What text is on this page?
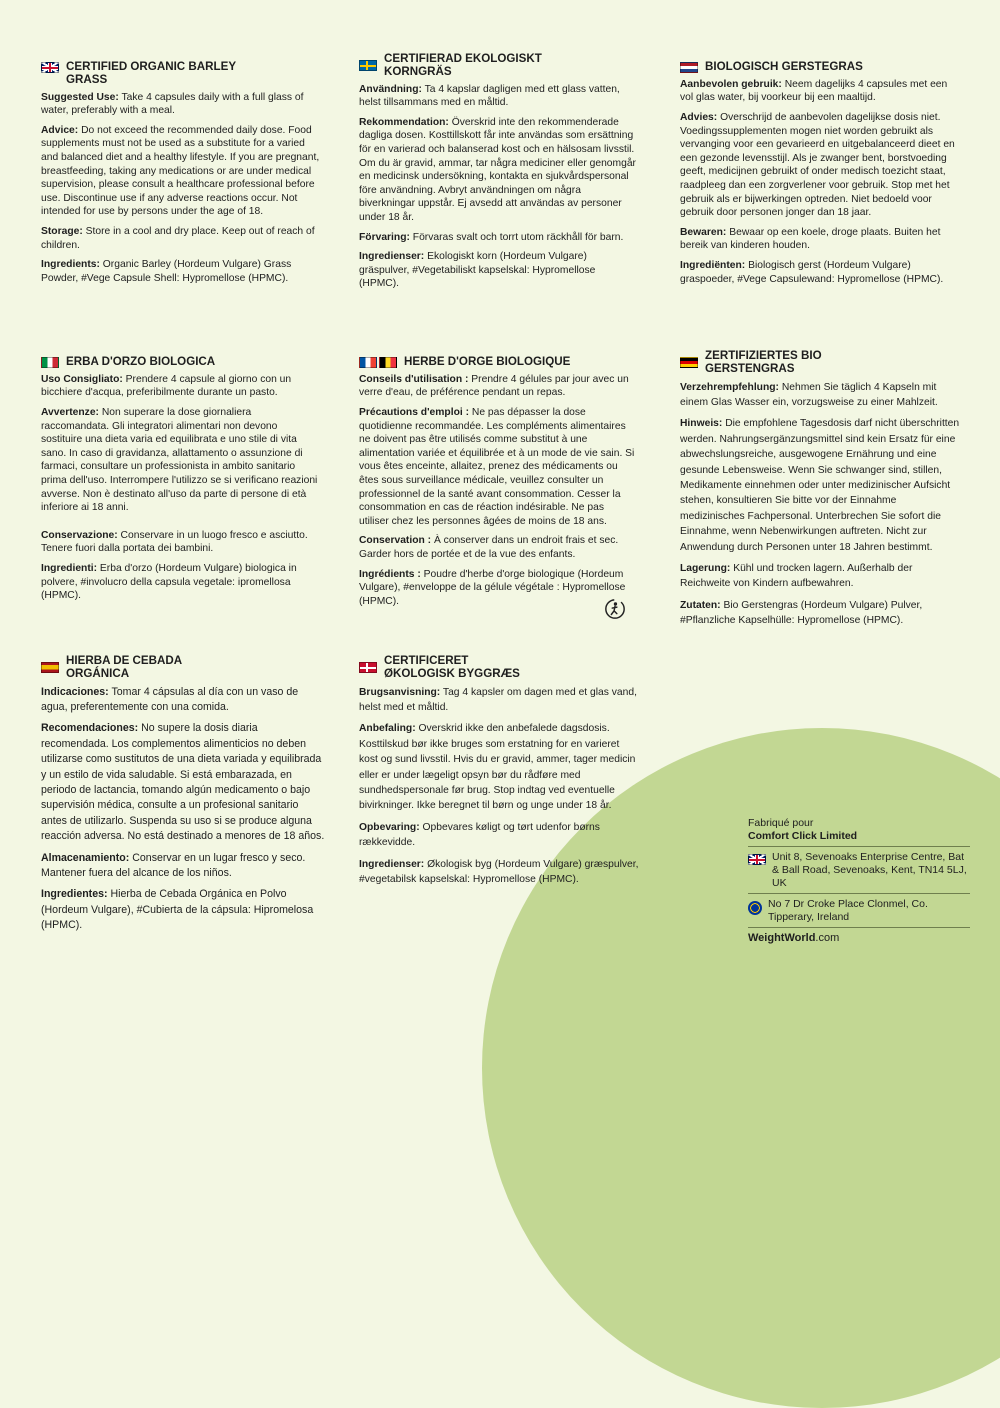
CERTIFIED ORGANIC BARLEY GRASS

Suggested Use: Take 4 capsules daily with a full glass of water, preferably with a meal.

Advice: Do not exceed the recommended daily dose. Food supplements must not be used as a substitute for a varied and balanced diet and a healthy lifestyle. If you are pregnant, breastfeeding, taking any medications or are under medical supervision, please consult a healthcare professional before use. Discontinue use if any adverse reactions occur. Not intended for use by persons under the age of 18.

Storage: Store in a cool and dry place. Keep out of reach of children.

Ingredients: Organic Barley (Hordeum Vulgare) Grass Powder, #Vege Capsule Shell: Hypromellose (HPMC).

CERTIFIERAD EKOLOGISKT KORNGRÄS

Användning: Ta 4 kapslar dagligen med ett glass vatten, helst tillsammans med en måltid.

Rekommendation: Överskrid inte den rekommenderade dagliga dosen. Kosttillskott får inte användas som ersättning för en varierad och balanserad kost och en hälsosam livsstil. Om du är gravid, ammar, tar några mediciner eller genomgår en medicinsk undersökning, kontakta en sjukvårdspersonal före användning. Avbryt användningen om några biverkningar uppstår. Ej avsedd att användas av personer under 18 år.

Förvaring: Förvaras svalt och torrt utom räckhåll för barn.

Ingredienser: Ekologiskt korn (Hordeum Vulgare) gräspulver, #Vegetabiliskt kapselskal: Hypromellose (HPMC).

BIOLOGISCH GERSTEGRAS

Aanbevolen gebruik: Neem dagelijks 4 capsules met een vol glas water, bij voorkeur bij een maaltijd.

Advies: Overschrijd de aanbevolen dagelijkse dosis niet. Voedingssupplementen mogen niet worden gebruikt als vervanging voor een gevarieerd en uitgebalanceerd dieet en een gezonde levensstijl. Als je zwanger bent, borstvoeding geeft, medicijnen gebruikt of onder medisch toezicht staat, raadpleeg dan een zorgverlener voor gebruik. Stop met het gebruik als er bijwerkingen optreden. Niet bedoeld voor gebruik door personen jonger dan 18 jaar.

Bewaren: Bewaar op een koele, droge plaats. Buiten het bereik van kinderen houden.

Ingrediënten: Biologisch gerst (Hordeum Vulgare) graspoeder, #Vege Capsulewand: Hypromellose (HPMC).

ERBA D'ORZO BIOLOGICA

Uso Consigliato: Prendere 4 capsule al giorno con un bicchiere d'acqua, preferibilmente durante un pasto.

Avvertenze: Non superare la dose giornaliera raccomandata. Gli integratori alimentari non devono sostituire una dieta varia ed equilibrata e uno stile di vita sano. In caso di gravidanza, allattamento o assunzione di farmaci, consultare un professionista in ambito sanitario prima dell'uso. Interrompere l'utilizzo se si verificano reazioni avverse. Non è destinato all'uso da parte di persone di età inferiore ai 18 anni.

Conservazione: Conservare in un luogo fresco e asciutto. Tenere fuori dalla portata dei bambini.

Ingredienti: Erba d'orzo (Hordeum Vulgare) biologica in polvere, #involucro della capsula vegetale: ipromellosa (HPMC).

HERBE D'ORGE BIOLOGIQUE

Conseils d'utilisation : Prendre 4 gélules par jour avec un verre d'eau, de préférence pendant un repas.

Précautions d'emploi : Ne pas dépasser la dose quotidienne recommandée. Les compléments alimentaires ne doivent pas être utilisés comme substitut à une alimentation variée et équilibrée et à un mode de vie sain. Si vous êtes enceinte, allaitez, prenez des médicaments ou êtes sous surveillance médicale, veuillez consulter un professionnel de la santé avant consommation. Cesser la consommation en cas de réaction indésirable. Ne pas utiliser chez les personnes âgées de moins de 18 ans.

Conservation : À conserver dans un endroit frais et sec. Garder hors de portée et de la vue des enfants.

Ingrédients : Poudre d'herbe d'orge biologique (Hordeum Vulgare), #enveloppe de la gélule végétale : Hypromellose (HPMC).

ZERTIFIZIERTES BIO GERSTENGRAS

Verzehrempfehlung: Nehmen Sie täglich 4 Kapseln mit einem Glas Wasser ein, vorzugsweise zu einer Mahlzeit.

Hinweis: Die empfohlene Tagesdosis darf nicht überschritten werden. Nahrungsergänzungsmittel sind kein Ersatz für eine abwechslungsreiche, ausgewogene Ernährung und eine gesunde Lebensweise. Wenn Sie schwanger sind, stillen, Medikamente einnehmen oder unter medizinischer Aufsicht stehen, konsultieren Sie bitte vor der Einnahme medizinisches Fachpersonal. Unterbrechen Sie sofort die Einnahme, wenn Nebenwirkungen auftreten. Nicht zur Anwendung durch Personen unter 18 Jahren bestimmt.

Lagerung: Kühl und trocken lagern. Außerhalb der Reichweite von Kindern aufbewahren.

Zutaten: Bio Gerstengras (Hordeum Vulgare) Pulver, #Pflanzliche Kapselhülle: Hypromellose (HPMC).

HIERBA DE CEBADA ORGÁNICA

Indicaciones: Tomar 4 cápsulas al día con un vaso de agua, preferentemente con una comida.

Recomendaciones: No supere la dosis diaria recomendada. Los complementos alimenticios no deben utilizarse como sustitutos de una dieta variada y equilibrada y un estilo de vida saludable. Si está embarazada, en periodo de lactancia, tomando algún medicamento o bajo supervisión médica, consulte a un profesional sanitario antes de utilizarlo. Suspenda su uso si se produce alguna reacción adversa. No está destinado a menores de 18 años.

Almacenamiento: Conservar en un lugar fresco y seco. Mantener fuera del alcance de los niños.

Ingredientes: Hierba de Cebada Orgánica en Polvo (Hordeum Vulgare), #Cubierta de la cápsula: Hipromelosa (HPMC).

CERTIFICERET ØKOLOGISK BYGGRÆS

Brugsanvisning: Tag 4 kapsler om dagen med et glas vand, helst med et måltid.

Anbefaling: Overskrid ikke den anbefalede dagsdosis. Kosttilskud bør ikke bruges som erstatning for en varieret kost og sund livsstil. Hvis du er gravid, ammer, tager medicin eller er under lægeligt opsyn bør du rådføre med sundhedspersonale før brug. Stop indtag ved eventuelle bivirkninger. Ikke beregnet til børn og unge under 18 år.

Opbevaring: Opbevares køligt og tørt udenfor børns rækkevidde.

Ingredienser: Økologisk byg (Hordeum Vulgare) græspulver, #vegetabilsk kapselskal: Hypromellose (HPMC).

Fabriqué pour

Comfort Click Limited

Unit 8, Sevenoaks Enterprise Centre, Bat & Ball Road, Sevenoaks, Kent, TN14 5LJ, UK
No 7 Dr Croke Place Clonmel, Co. Tipperary, Ireland
WeightWorld.com
